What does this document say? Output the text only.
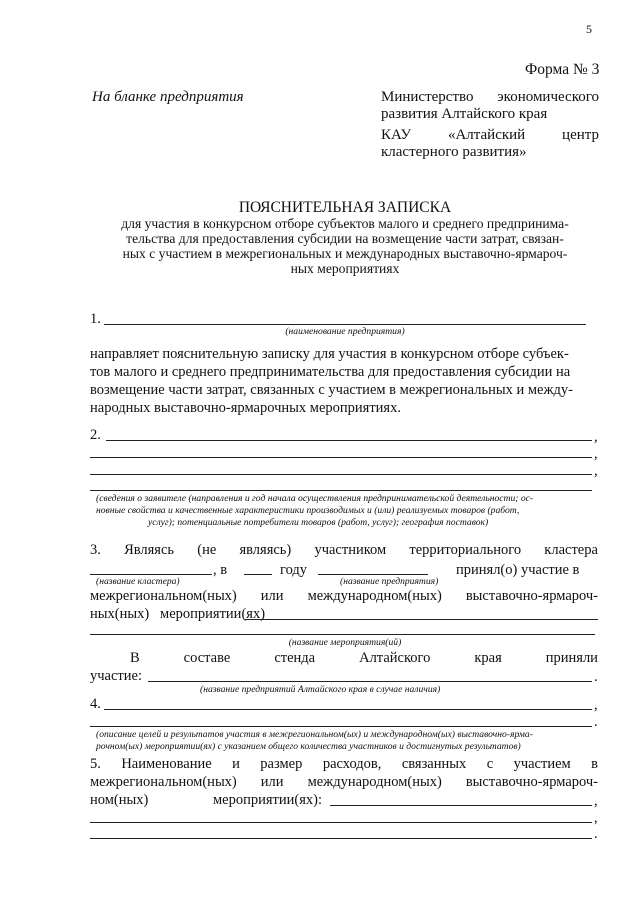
5
Форма № 3
На бланке предприятия	Министерство экономического
развития Алтайского края
КАУ «Алтайский центр
кластерного развития»
ПОЯСНИТЕЛЬНАЯ ЗАПИСКА
для участия в конкурсном отборе субъектов малого и среднего предпринима-
тельства для предоставления субсидии на возмещение части затрат, связан-
ных с участием в межрегиональных и международных выставочно-ярмароч-
ных мероприятиях
1.
(наименование предприятия)
направляет пояснительную записку для участия в конкурсном отборе субъек-
тов малого и среднего предпринимательства для предоставления субсидии на
возмещение части затрат, связанных с участием в межрегиональных и между-
народных выставочно-ярмарочных мероприятиях.
2.	,
,
,
(сведения о заявителе (направления и год начала осуществления предпринимательской деятельности; ос-
новные свойства и качественные характеристики производимых и (или) реализуемых товаров (работ,
услуг); потенциальные потребители товаров (работ, услуг); география поставок)
3. Являясь (не являясь) участником территориального кластера
, в	году	принял(о) участие в
(название кластера)	(название предприятия)
межрегиональном(ных) или международном(ных) выставочно-ярмароч-
ных(ных)   мероприятии(ях)
(название мероприятия(ий)
В	составе	стенда	Алтайского	края	приняли
участие:	.
(название предприятий Алтайского края в случае наличия)
4.	,
.
(описание целей и результатов участия в межрегиональном(ых) и международном(ых) выставочно-ярма-
рочном(ых) мероприятии(ях) с указанием общего количества участников и достигнутых результатов)
5. Наименование и размер расходов, связанных с участием в
межрегиональном(ных) или международном(ных) выставочно-ярмароч-
ном(ных)	мероприятии(ях):	,
,
.
